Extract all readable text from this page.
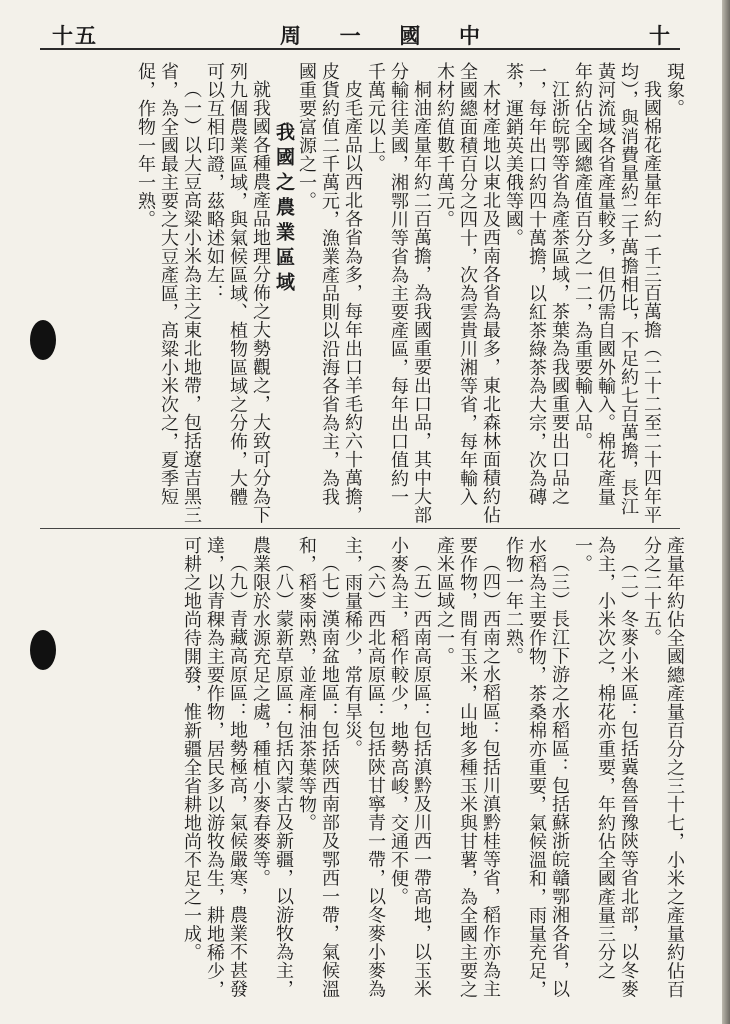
十五	周 一 國 中	十

現象。

我國棉花產量年約一千三百萬擔（二十二至二十四年平均），與消費量約二千萬擔相比，不足約七百萬擔，長江黃河流域各省產量較多，但仍需自國外輸入。棉花產量年約佔全國總產值百分之一二，為重要輸入品。

江浙皖鄂等省為產茶區域，茶葉為我國重要出口品之一，每年出口約四十萬擔，以紅茶綠茶為大宗，次為磚茶，運銷英美俄等國。

木材產地以東北及西南各省為最多，東北森林面積約佔全國總面積百分之四十，次為雲貴川湘等省，每年輸入木材約值數千萬元。

桐油產量年約二百萬擔，為我國重要出口品，其中大部分輸往美國，湘鄂川等省為主要產區，每年出口值約一千萬元以上。

皮毛產品以西北各省為多，每年出口羊毛約六十萬擔，皮貨約值二千萬元，漁業產品則以沿海各省為主，為我國重要富源之一。

我國之農業區域

就我國各種農產品地理分佈之大勢觀之，大致可分為下列九個農業區域，與氣候區域、植物區域之分佈，大體可以互相印證，茲略述如左：

（一）以大豆高粱小米為主之東北地帶，包括遼吉黑三省，為全國最主要之大豆產區，高粱小米次之，夏季短促，作物一年一熟。

產量年約佔全國總產量百分之三十七，小米之產量約佔百分之二十五。

（二）冬麥小米區：包括冀魯晉豫陝等省北部，以冬麥為主，小米次之，棉花亦重要，年約佔全國產量三分之一。

（三）長江下游之水稻區：包括蘇浙皖贛鄂湘各省，以水稻為主要作物，茶桑棉亦重要，氣候溫和，雨量充足，作物一年二熟。

（四）西南之水稻區：包括川滇黔桂等省，稻作亦為主要作物，間有玉米，山地多種玉米與甘薯，為全國主要之產米區域之一。

（五）西南高原區：包括滇黔及川西一帶高地，以玉米小麥為主，稻作較少，地勢高峻，交通不便。

（六）西北高原區：包括陝甘寧青一帶，以冬麥小麥為主，雨量稀少，常有旱災。

（七）漢南盆地區：包括陝西南部及鄂西一帶，氣候溫和，稻麥兩熟，並產桐油茶葉等物。

（八）蒙新草原區：包括內蒙古及新疆，以游牧為主，農業限於水源充足之處，種植小麥春麥等。

（九）青藏高原區：地勢極高，氣候嚴寒，農業不甚發達，以青稞為主要作物，居民多以游牧為生，耕地稀少，可耕之地尚待開發，惟新疆全省耕地尚不足之一成。
